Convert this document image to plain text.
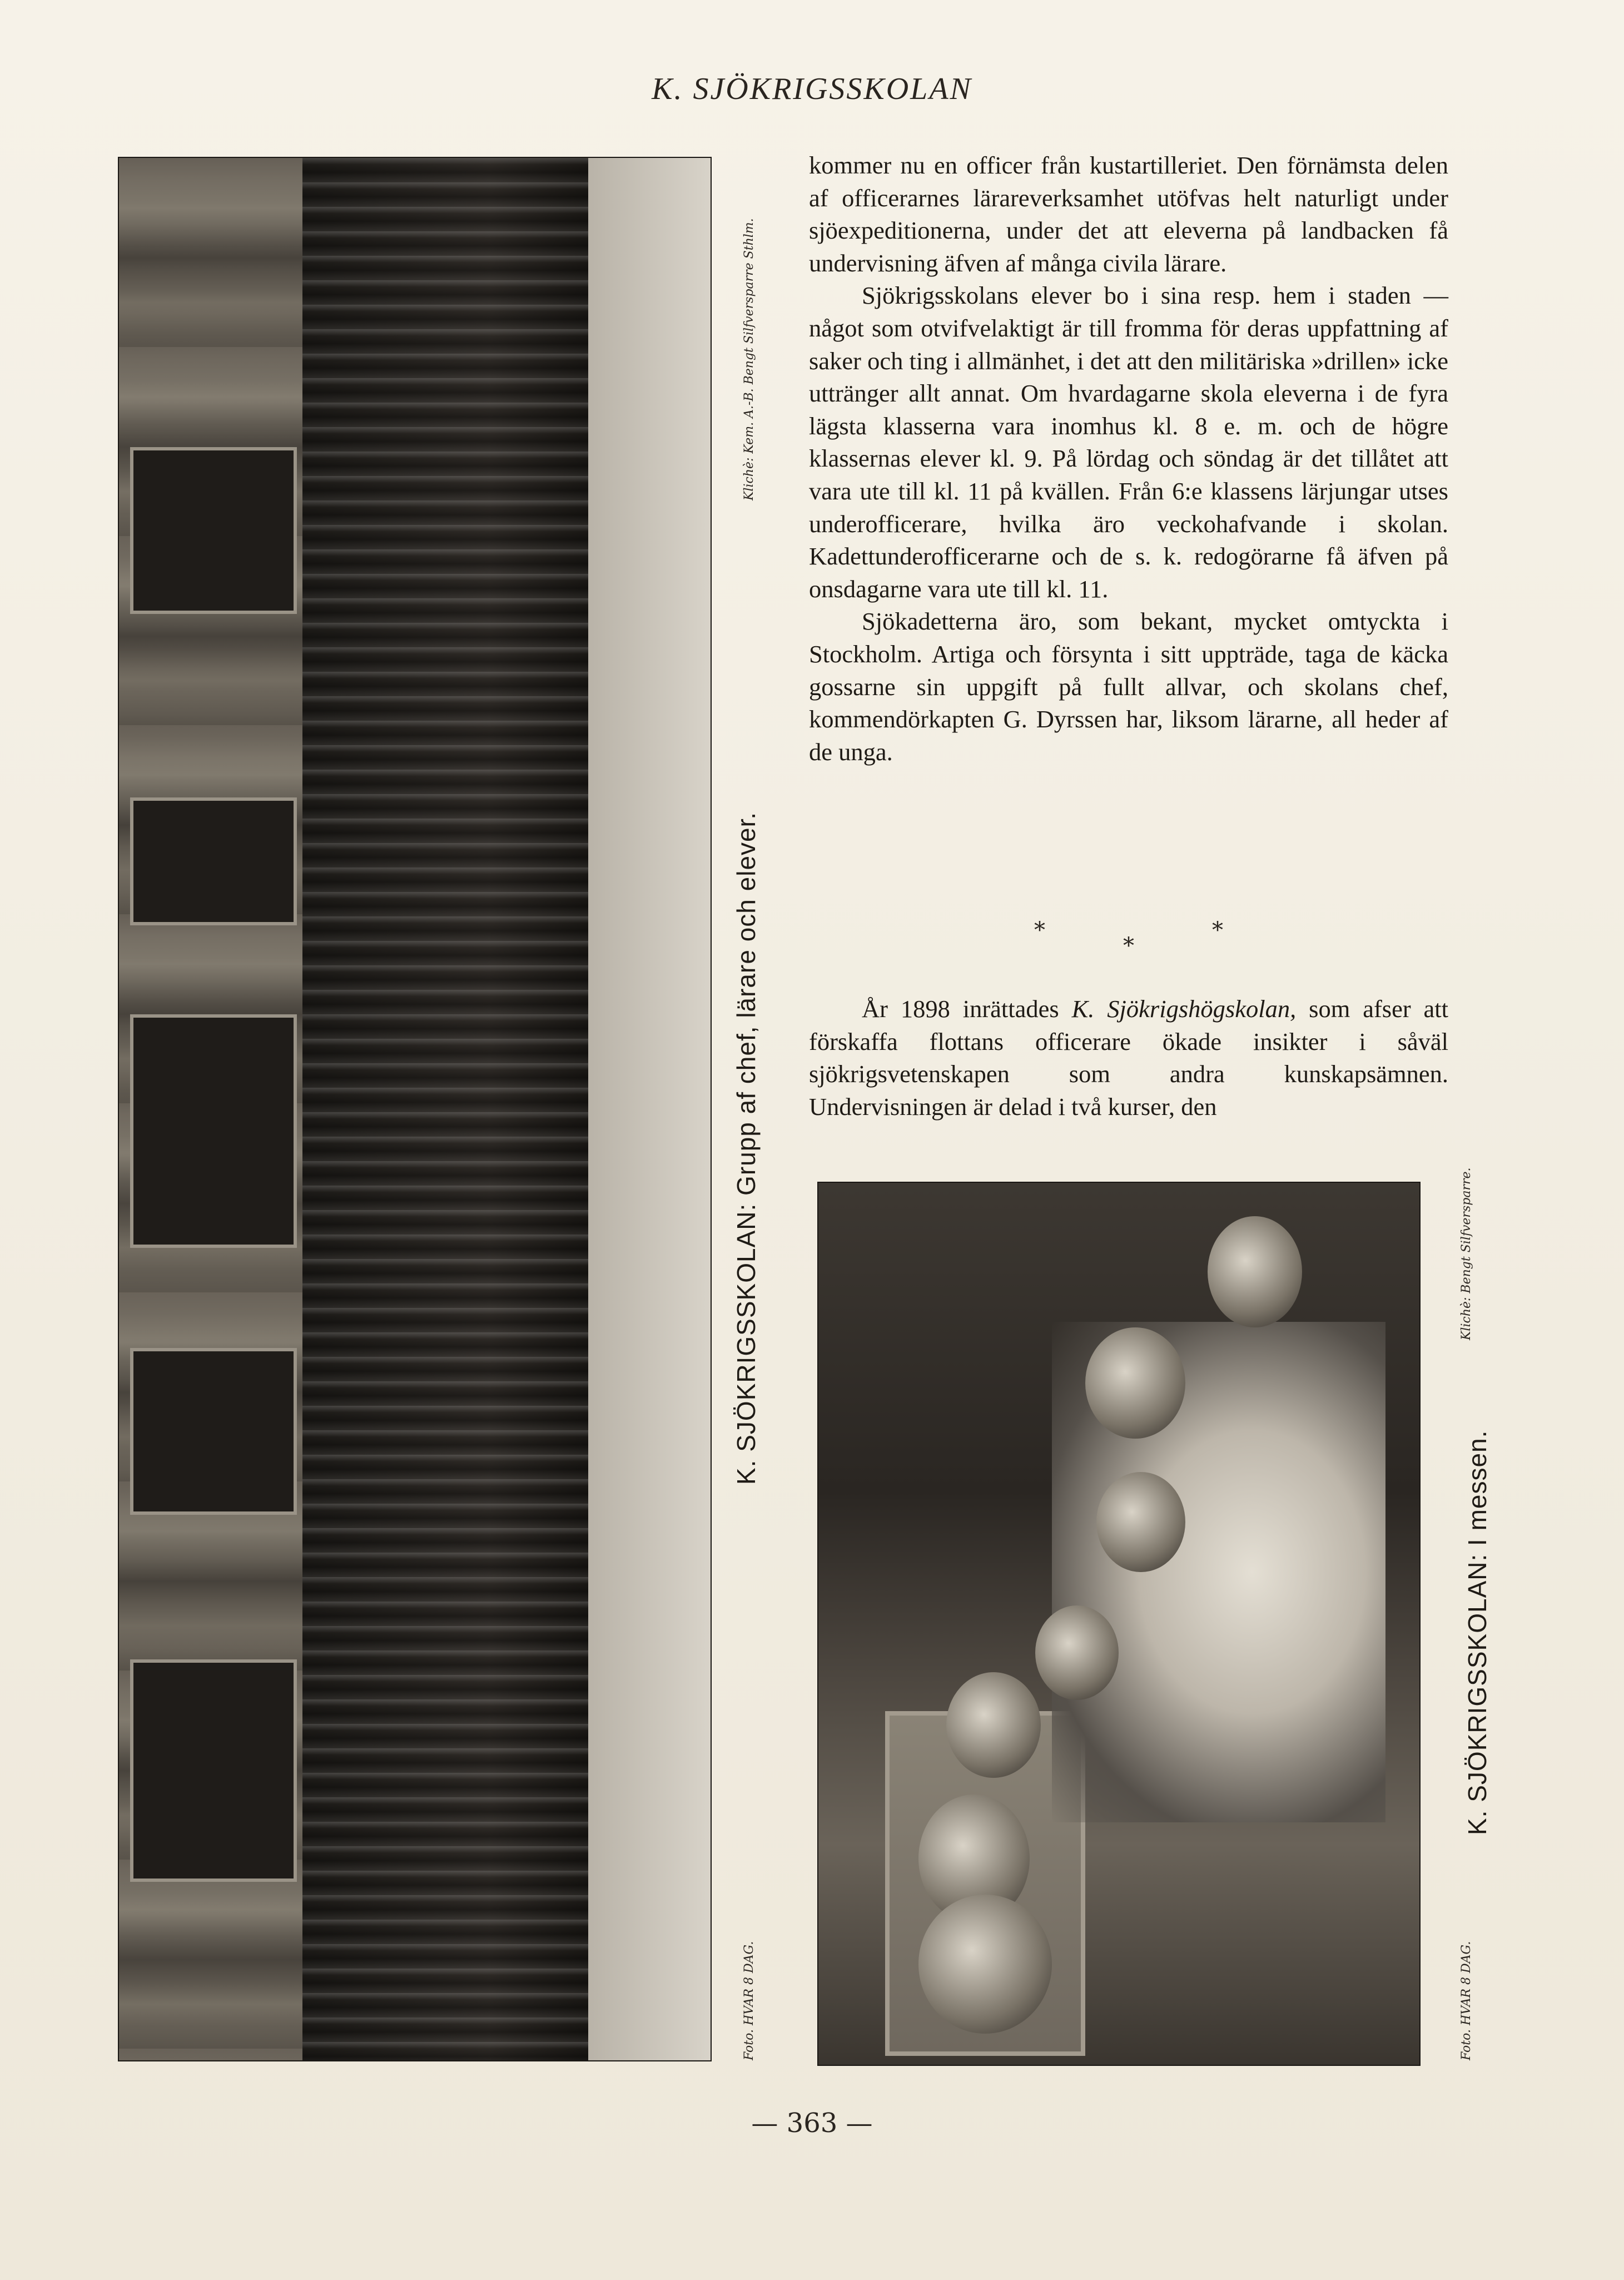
K. SJÖKRIGSSKOLAN
K. SJÖKRIGSSKOLAN: Grupp af chef, lärare och elever.
Foto. HVAR 8 DAG.
Klichè: Kem. A.-B. Bengt Silfversparre Sthlm.

kommer nu en officer från kustartilleriet. Den förnämsta delen af officerarnes lärareverksamhet utöfvas helt naturligt under sjöexpeditionerna, under det att eleverna på landbacken få undervisning äfven af många civila lärare.

Sjökrigsskolans elever bo i sina resp. hem i staden — något som otvifvelaktigt är till fromma för deras uppfattning af saker och ting i allmänhet, i det att den militäriska »drillen» icke uttränger allt annat. Om hvardagarne skola eleverna i de fyra lägsta klasserna vara inomhus kl. 8 e. m. och de högre klassernas elever kl. 9. På lördag och söndag är det tillåtet att vara ute till kl. 11 på kvällen. Från 6:e klassens lärjungar utses underofficerare, hvilka äro veckohafvande i skolan. Kadettunderofficerarne och de s. k. redogörarne få äfven på onsdagarne vara ute till kl. 11.

Sjökadetterna äro, som bekant, mycket omtyckta i Stockholm. Artiga och försynta i sitt uppträde, taga de käcka gossarne sin uppgift på fullt allvar, och skolans chef, kommendörkapten G. Dyrssen har, liksom lärarne, all heder af de unga.

*
*
*

År 1898 inrättades K. Sjökrigshögskolan, som afser att förskaffa flottans officerare ökade insikter i såväl sjökrigsvetenskapen som andra kunskapsämnen. Undervisningen är delad i två kurser, den

K. SJÖKRIGSSKOLAN: I messen.
Foto. HVAR 8 DAG.
Klichè: Bengt Silfversparre.
— 363 —
